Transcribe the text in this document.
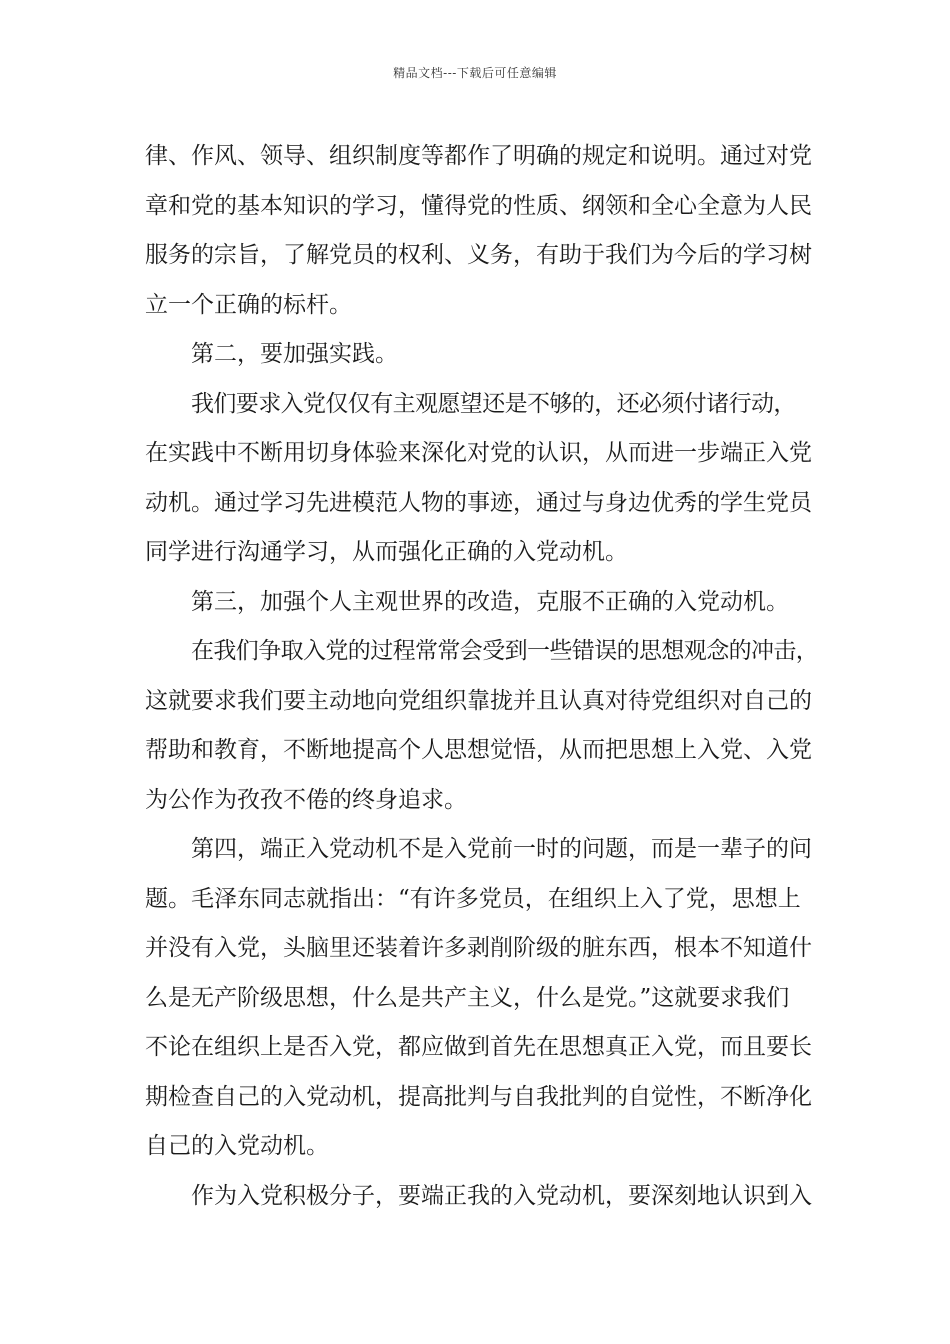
精品文档---下载后可任意编辑
律、作风、领导、组织制度等都作了明确的规定和说明。通过对党
章和党的基本知识的学习，懂得党的性质、纲领和全心全意为人民
服务的宗旨，了解党员的权利、义务，有助于我们为今后的学习树
立一个正确的标杆。
第二，要加强实践。
我们要求入党仅仅有主观愿望还是不够的，还必须付诸行动，
在实践中不断用切身体验来深化对党的认识，从而进一步端正入党
动机。通过学习先进模范人物的事迹，通过与身边优秀的学生党员
同学进行沟通学习，从而强化正确的入党动机。
第三，加强个人主观世界的改造，克服不正确的入党动机。
在我们争取入党的过程常常会受到一些错误的思想观念的冲击，
这就要求我们要主动地向党组织靠拢并且认真对待党组织对自己的
帮助和教育，不断地提高个人思想觉悟，从而把思想上入党、入党
为公作为孜孜不倦的终身追求。
第四，端正入党动机不是入党前一时的问题，而是一辈子的问
题。毛泽东同志就指出：“有许多党员，在组织上入了党，思想上
并没有入党，头脑里还装着许多剥削阶级的脏东西，根本不知道什
么是无产阶级思想，什么是共产主义，什么是党。”这就要求我们
不论在组织上是否入党，都应做到首先在思想真正入党，而且要长
期检查自己的入党动机，提高批判与自我批判的自觉性，不断净化
自己的入党动机。
作为入党积极分子，要端正我的入党动机，要深刻地认识到入
